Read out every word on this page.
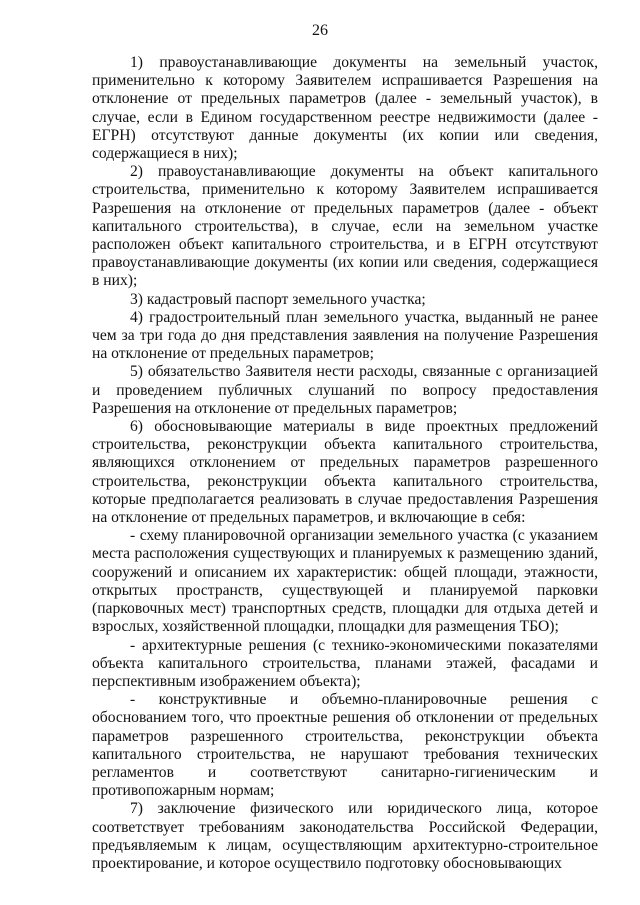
26

1) правоустанавливающие документы на земельный участок, применительно к которому Заявителем испрашивается Разрешения на отклонение от предельных параметров (далее - земельный участок), в случае, если в Едином государственном реестре недвижимости (далее - ЕГРН) отсутствуют данные документы (их копии или сведения, содержащиеся в них);

2) правоустанавливающие документы на объект капитального строительства, применительно к которому Заявителем испрашивается Разрешения на отклонение от предельных параметров (далее - объект капитального строительства), в случае, если на земельном участке расположен объект капитального строительства, и в ЕГРН отсутствуют правоустанавливающие документы (их копии или сведения, содержащиеся в них);

3) кадастровый паспорт земельного участка;

4) градостроительный план земельного участка, выданный не ранее чем за три года до дня представления заявления на получение Разрешения на отклонение от предельных параметров;

5) обязательство Заявителя нести расходы, связанные с организацией и проведением публичных слушаний по вопросу предоставления Разрешения на отклонение от предельных параметров;

6) обосновывающие материалы в виде проектных предложений строительства, реконструкции объекта капитального строительства, являющихся отклонением от предельных параметров разрешенного строительства, реконструкции объекта капитального строительства, которые предполагается реализовать в случае предоставления Разрешения на отклонение от предельных параметров, и включающие в себя:

- схему планировочной организации земельного участка (с указанием места расположения существующих и планируемых к размещению зданий, сооружений и описанием их характеристик: общей площади, этажности, открытых пространств, существующей и планируемой парковки (парковочных мест) транспортных средств, площадки для отдыха детей и взрослых, хозяйственной площадки, площадки для размещения ТБО);

- архитектурные решения (с технико-экономическими показателями объекта капитального строительства, планами этажей, фасадами и перспективным изображением объекта);

- конструктивные и объемно-планировочные решения с обоснованием того, что проектные решения об отклонении от предельных параметров разрешенного строительства, реконструкции объекта капитального строительства, не нарушают требования технических регламентов и соответствуют санитарно-гигиеническим и противопожарным нормам;

7) заключение физического или юридического лица, которое соответствует требованиям законодательства Российской Федерации, предъявляемым к лицам, осуществляющим архитектурно-строительное проектирование, и которое осуществило подготовку обосновывающих
